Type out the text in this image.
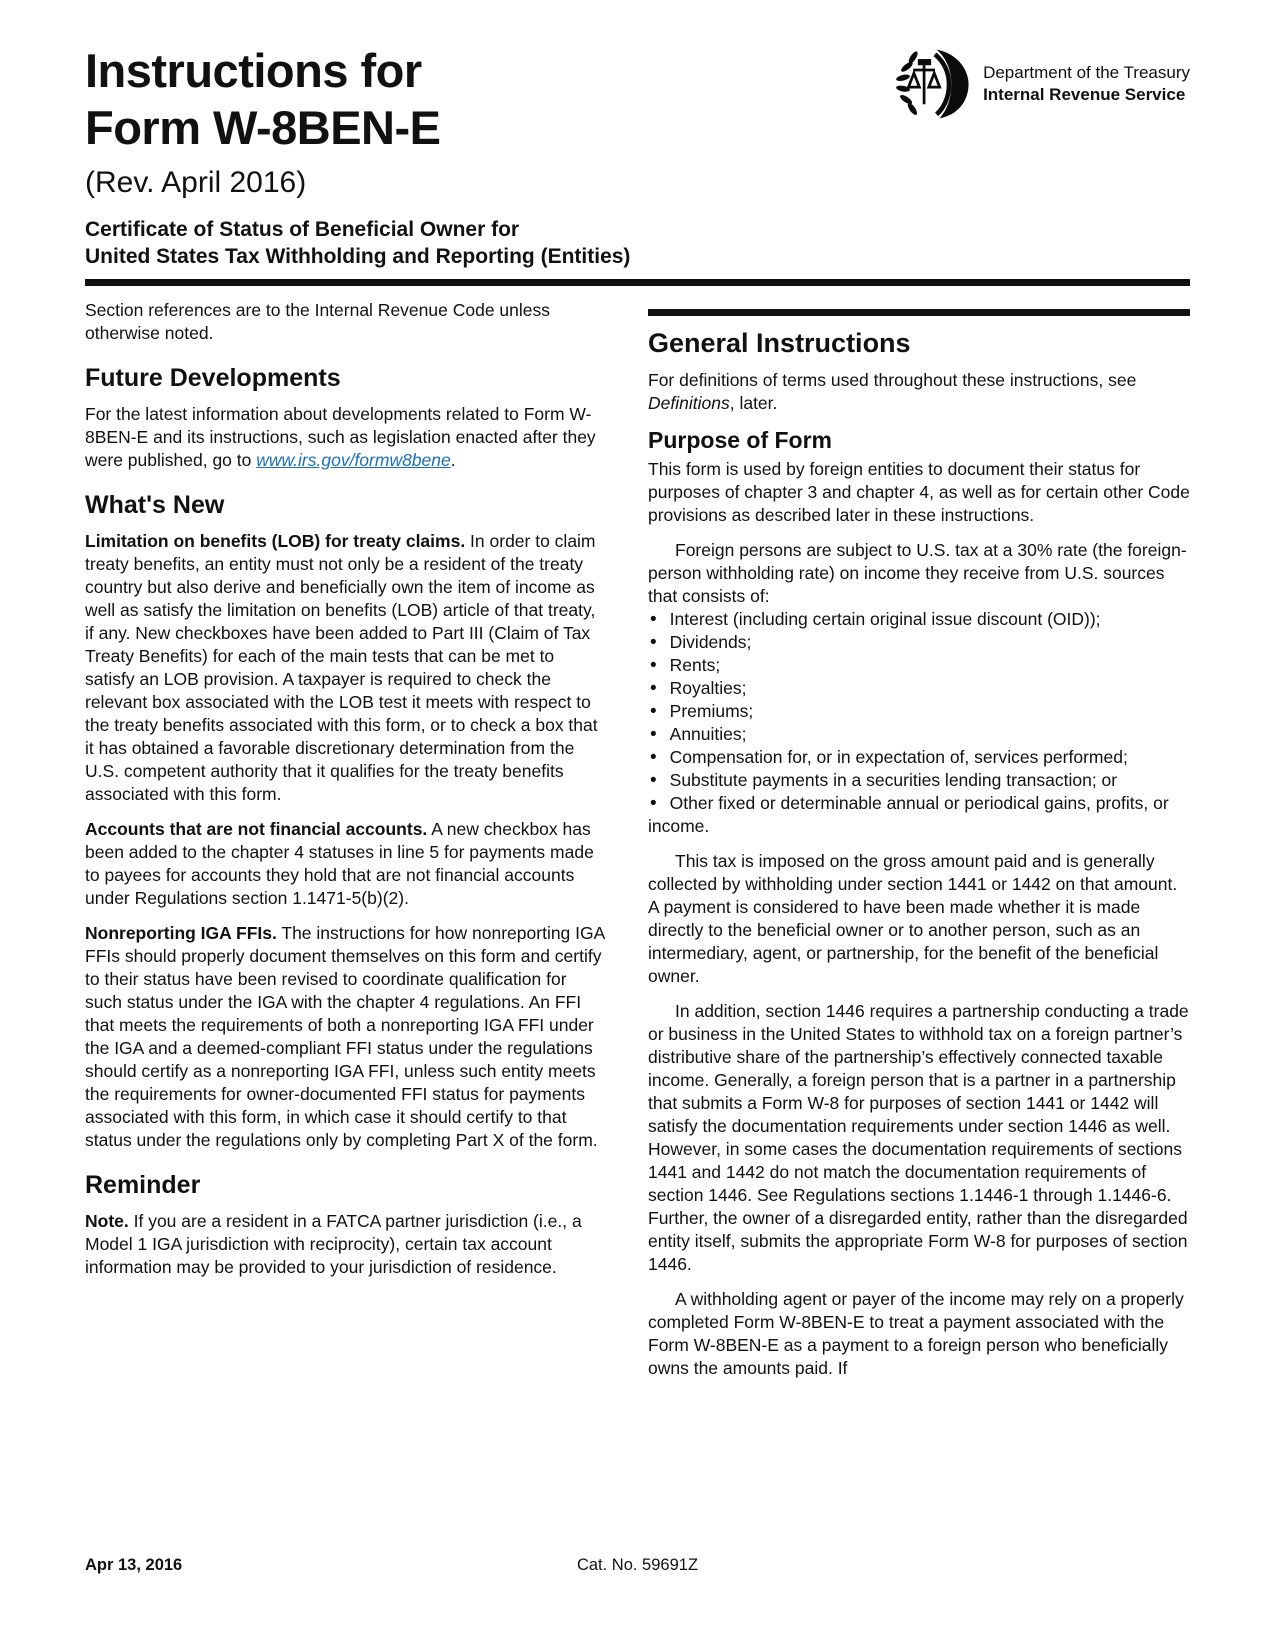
Department of the Treasury
Internal Revenue Service
Instructions for
Form W-8BEN-E
(Rev. April 2016)
Certificate of Status of Beneficial Owner for
United States Tax Withholding and Reporting (Entities)

Section references are to the Internal Revenue Code unless otherwise noted.

Future Developments

For the latest information about developments related to Form W-8BEN-E and its instructions, such as legislation enacted after they were published, go to www.irs.gov/formw8bene.

What's New

Limitation on benefits (LOB) for treaty claims. In order to claim treaty benefits, an entity must not only be a resident of the treaty country but also derive and beneficially own the item of income as well as satisfy the limitation on benefits (LOB) article of that treaty, if any. New checkboxes have been added to Part III (Claim of Tax Treaty Benefits) for each of the main tests that can be met to satisfy an LOB provision. A taxpayer is required to check the relevant box associated with the LOB test it meets with respect to the treaty benefits associated with this form, or to check a box that it has obtained a favorable discretionary determination from the U.S. competent authority that it qualifies for the treaty benefits associated with this form.

Accounts that are not financial accounts. A new checkbox has been added to the chapter 4 statuses in line 5 for payments made to payees for accounts they hold that are not financial accounts under Regulations section 1.1471-5(b)(2).

Nonreporting IGA FFIs. The instructions for how nonreporting IGA FFIs should properly document themselves on this form and certify to their status have been revised to coordinate qualification for such status under the IGA with the chapter 4 regulations. An FFI that meets the requirements of both a nonreporting IGA FFI under the IGA and a deemed-compliant FFI status under the regulations should certify as a nonreporting IGA FFI, unless such entity meets the requirements for owner-documented FFI status for payments associated with this form, in which case it should certify to that status under the regulations only by completing Part X of the form.

Reminder

Note. If you are a resident in a FATCA partner jurisdiction (i.e., a Model 1 IGA jurisdiction with reciprocity), certain tax account information may be provided to your jurisdiction of residence.

General Instructions

For definitions of terms used throughout these instructions, see Definitions, later.

Purpose of Form

This form is used by foreign entities to document their status for purposes of chapter 3 and chapter 4, as well as for certain other Code provisions as described later in these instructions.

Foreign persons are subject to U.S. tax at a 30% rate (the foreign-person withholding rate) on income they receive from U.S. sources that consists of:

• Interest (including certain original issue discount (OID));

• Dividends;

• Rents;

• Royalties;

• Premiums;

• Annuities;

• Compensation for, or in expectation of, services performed;

• Substitute payments in a securities lending transaction; or

• Other fixed or determinable annual or periodical gains, profits, or income.

This tax is imposed on the gross amount paid and is generally collected by withholding under section 1441 or 1442 on that amount. A payment is considered to have been made whether it is made directly to the beneficial owner or to another person, such as an intermediary, agent, or partnership, for the benefit of the beneficial owner.

In addition, section 1446 requires a partnership conducting a trade or business in the United States to withhold tax on a foreign partner’s distributive share of the partnership’s effectively connected taxable income. Generally, a foreign person that is a partner in a partnership that submits a Form W-8 for purposes of section 1441 or 1442 will satisfy the documentation requirements under section 1446 as well. However, in some cases the documentation requirements of sections 1441 and 1442 do not match the documentation requirements of section 1446. See Regulations sections 1.1446-1 through 1.1446-6. Further, the owner of a disregarded entity, rather than the disregarded entity itself, submits the appropriate Form W-8 for purposes of section 1446.

A withholding agent or payer of the income may rely on a properly completed Form W-8BEN-E to treat a payment associated with the Form W-8BEN-E as a payment to a foreign person who beneficially owns the amounts paid. If

Apr 13, 2016	Cat. No. 59691Z
